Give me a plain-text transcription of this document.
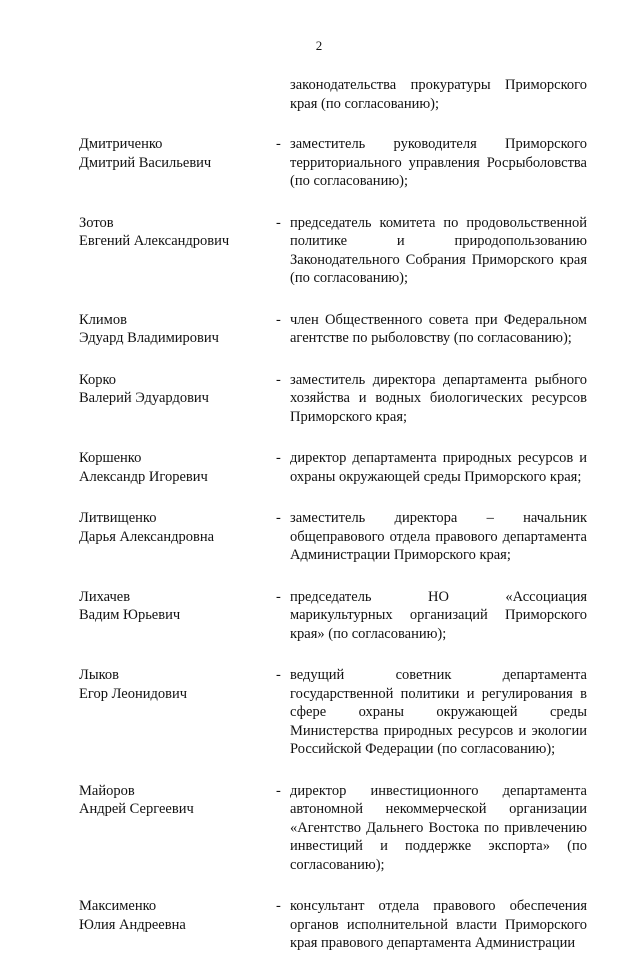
2
законодательства прокуратуры Приморского края (по согласованию);
Дмитриченко
Дмитрий Васильевич
- заместитель руководителя Приморского территориального управления Росрыболовства (по согласованию);
Зотов
Евгений Александрович
- председатель комитета по продовольственной политике и природопользованию Законодательного Собрания Приморского края (по согласованию);
Климов
Эдуард Владимирович
- член Общественного совета при Федеральном агентстве по рыболовству (по согласованию);
Корко
Валерий Эдуардович
- заместитель директора департамента рыбного хозяйства и водных биологических ресурсов Приморского края;
Коршенко
Александр Игоревич
- директор департамента природных ресурсов и охраны окружающей среды Приморского края;
Литвищенко
Дарья Александровна
- заместитель директора – начальник общеправового отдела правового департамента Администрации Приморского края;
Лихачев
Вадим Юрьевич
- председатель НО «Ассоциация марикультурных организаций Приморского края» (по согласованию);
Лыков
Егор Леонидович
- ведущий советник департамента государственной политики и регулирования в сфере охраны окружающей среды Министерства природных ресурсов и экологии Российской Федерации (по согласованию);
Майоров
Андрей Сергеевич
- директор инвестиционного департамента автономной некоммерческой организации «Агентство Дальнего Востока по привлечению инвестиций и поддержке экспорта» (по согласованию);
Максименко
Юлия Андреевна
- консультант отдела правового обеспечения органов исполнительной власти Приморского края правового департамента Администрации
